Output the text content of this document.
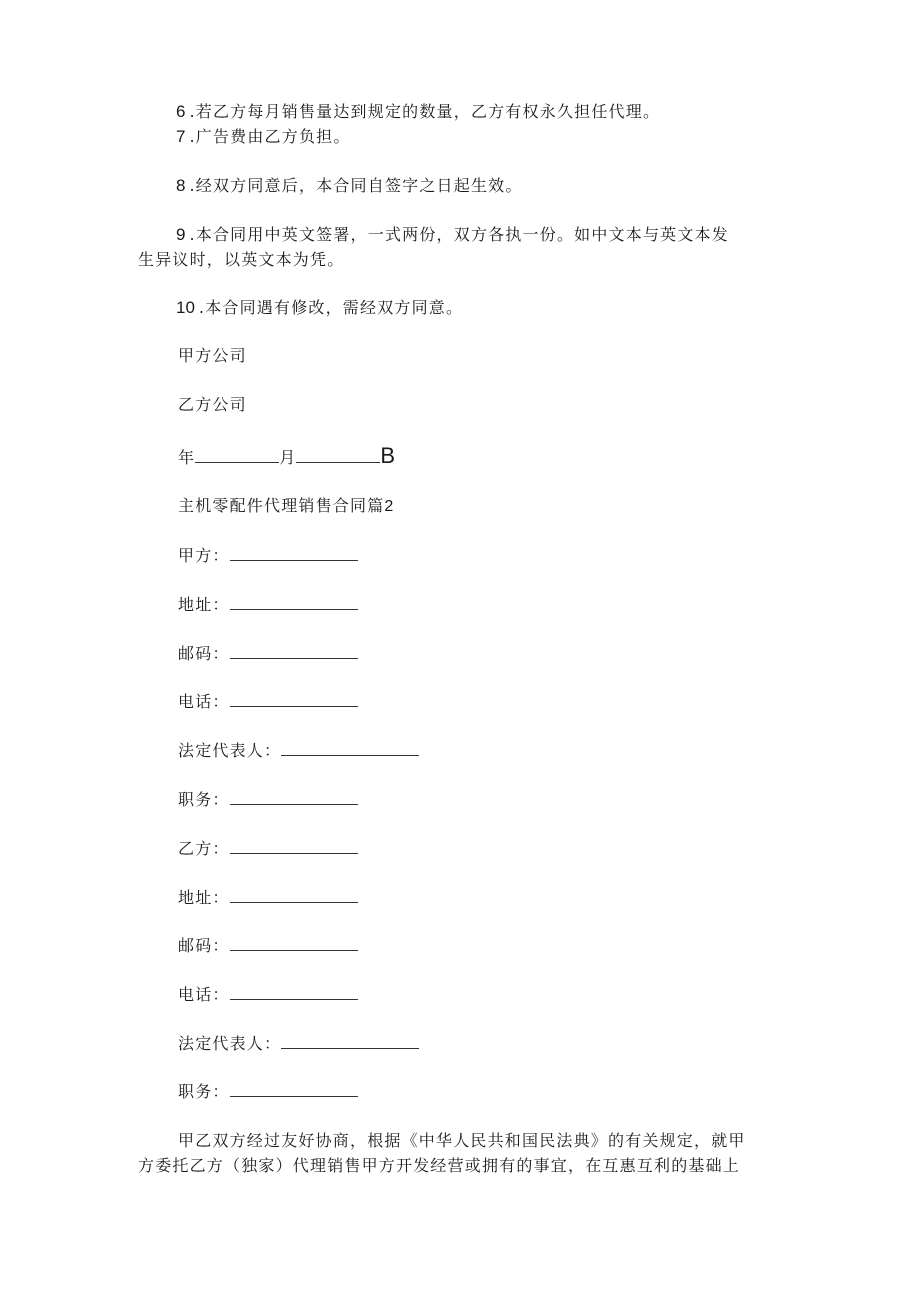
6 .若乙方每月销售量达到规定的数量，乙方有权永久担任代理。
7 .广告费由乙方负担。
8 .经双方同意后，本合同自签字之日起生效。
9 .本合同用中英文签署，一式两份，双方各执一份。如中文本与英文本发
生异议时，以英文本为凭。
10 .本合同遇有修改，需经双方同意。
甲方公司
乙方公司
年	月	B
主机零配件代理销售合同篇2
甲方：
地址：
邮码：
电话：
法定代表人：
职务：
乙方：
地址：
邮码：
电话：
法定代表人：
职务：
甲乙双方经过友好协商，根据《中华人民共和国民法典》的有关规定，就甲
方委托乙方（独家）代理销售甲方开发经营或拥有的事宜，在互惠互利的基础上
